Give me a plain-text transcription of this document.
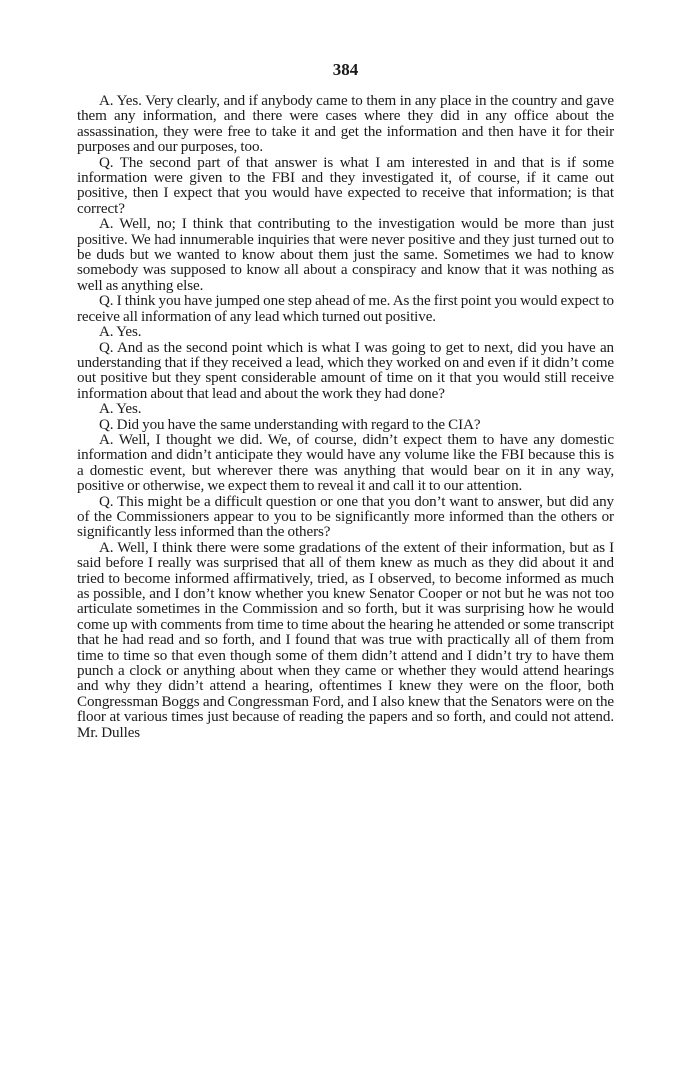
384

A. Yes. Very clearly, and if anybody came to them in any place in the country and gave them any information, and there were cases where they did in any office about the assassination, they were free to take it and get the information and then have it for their purposes and our purposes, too.

Q. The second part of that answer is what I am interested in and that is if some information were given to the FBI and they investigated it, of course, if it came out positive, then I expect that you would have expected to receive that information; is that correct?

A. Well, no; I think that contributing to the investigation would be more than just positive. We had innumerable inquiries that were never positive and they just turned out to be duds but we wanted to know about them just the same. Sometimes we had to know somebody was supposed to know all about a conspiracy and know that it was nothing as well as anything else.

Q. I think you have jumped one step ahead of me. As the first point you would expect to receive all information of any lead which turned out positive.

A. Yes.

Q. And as the second point which is what I was going to get to next, did you have an understanding that if they received a lead, which they worked on and even if it didn’t come out positive but they spent considerable amount of time on it that you would still receive information about that lead and about the work they had done?

A. Yes.

Q. Did you have the same understanding with regard to the CIA?

A. Well, I thought we did. We, of course, didn’t expect them to have any domestic information and didn’t anticipate they would have any volume like the FBI because this is a domestic event, but wherever there was anything that would bear on it in any way, positive or otherwise, we expect them to reveal it and call it to our attention.

Q. This might be a difficult question or one that you don’t want to answer, but did any of the Commissioners appear to you to be significantly more informed than the others or significantly less informed than the others?

A. Well, I think there were some gradations of the extent of their information, but as I said before I really was surprised that all of them knew as much as they did about it and tried to become informed affirmatively, tried, as I observed, to become informed as much as possible, and I don’t know whether you knew Senator Cooper or not but he was not too articulate sometimes in the Commission and so forth, but it was surprising how he would come up with comments from time to time about the hearing he attended or some transcript that he had read and so forth, and I found that was true with practically all of them from time to time so that even though some of them didn’t attend and I didn’t try to have them punch a clock or anything about when they came or whether they would attend hearings and why they didn’t attend a hearing, oftentimes I knew they were on the floor, both Congressman Boggs and Congressman Ford, and I also knew that the Senators were on the floor at various times just because of reading the papers and so forth, and could not attend. Mr. Dulles
